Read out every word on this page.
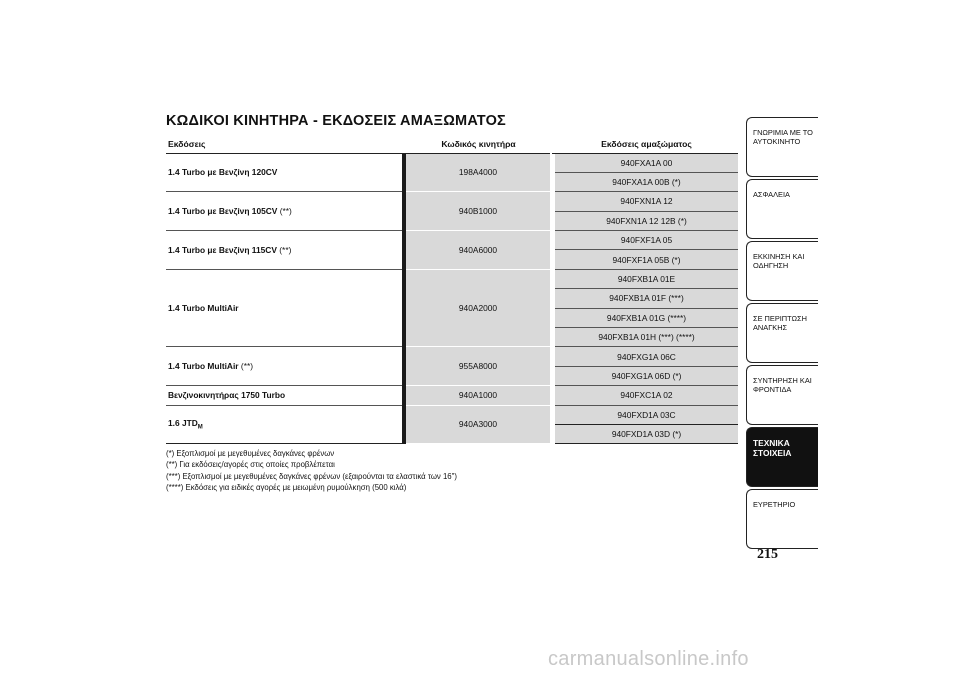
ΚΩΔΙΚΟΙ ΚΙΝΗΤΗΡΑ - ΕΚΔΟΣΕΙΣ ΑΜΑΞΩΜΑΤΟΣ
Εκδόσεις		Κωδικός κινητήρα		Εκδόσεις αμαξώματος
1.4 Turbo με Βενζίνη 120CV		198A4000		940FXA1A 00
				940FXA1A 00B (*)
1.4 Turbo με Βενζίνη 105CV (**)		940B1000		940FXN1A 12
				940FXN1A 12 12B (*)
1.4 Turbo με Βενζίνη 115CV (**)		940A6000		940FXF1A 05
				940FXF1A 05B (*)
1.4 Turbo MultiAir		940A2000		940FXB1A 01E
				940FXB1A 01F (***)
				940FXB1A 01G (****)
				940FXB1A 01H (***) (****)
1.4 Turbo MultiAir (**)		955A8000		940FXG1A 06C
				940FXG1A 06D (*)
Βενζινοκινητήρας 1750 Turbo		940A1000		940FXC1A 02
1.6 $JTD_M$		940A3000		940FXD1A 03C
				940FXD1A 03D (*)
(*) Εξοπλισμοί με μεγεθυμένες δαγκάνες φρένων
(**) Για εκδόσεις/αγορές στις οποίες προβλέπεται
(***) Εξοπλισμοί με μεγεθυμένες δαγκάνες φρένων (εξαιρούνται τα ελαστικά των 16")
(****) Εκδόσεις για ειδικές αγορές με μειωμένη ρυμούλκηση (500 κιλά)
ΓΝΩΡΙΜΙΑ ΜΕ ΤΟ ΑΥΤΟΚΙΝΗΤΟ
ΑΣΦΑΛΕΙΑ
ΕΚΚΙΝΗΣΗ ΚΑΙ ΟΔΗΓΗΣΗ
ΣΕ ΠΕΡΙΠΤΩΣΗ ΑΝΑΓΚΗΣ
ΣΥΝΤΗΡΗΣΗ ΚΑΙ ΦΡΟΝΤΙΔΑ
ΤΕΧΝΙΚΑ ΣΤΟΙΧΕΙΑ
ΕΥΡΕΤΗΡΙΟ
215
carmanualsonline.info
